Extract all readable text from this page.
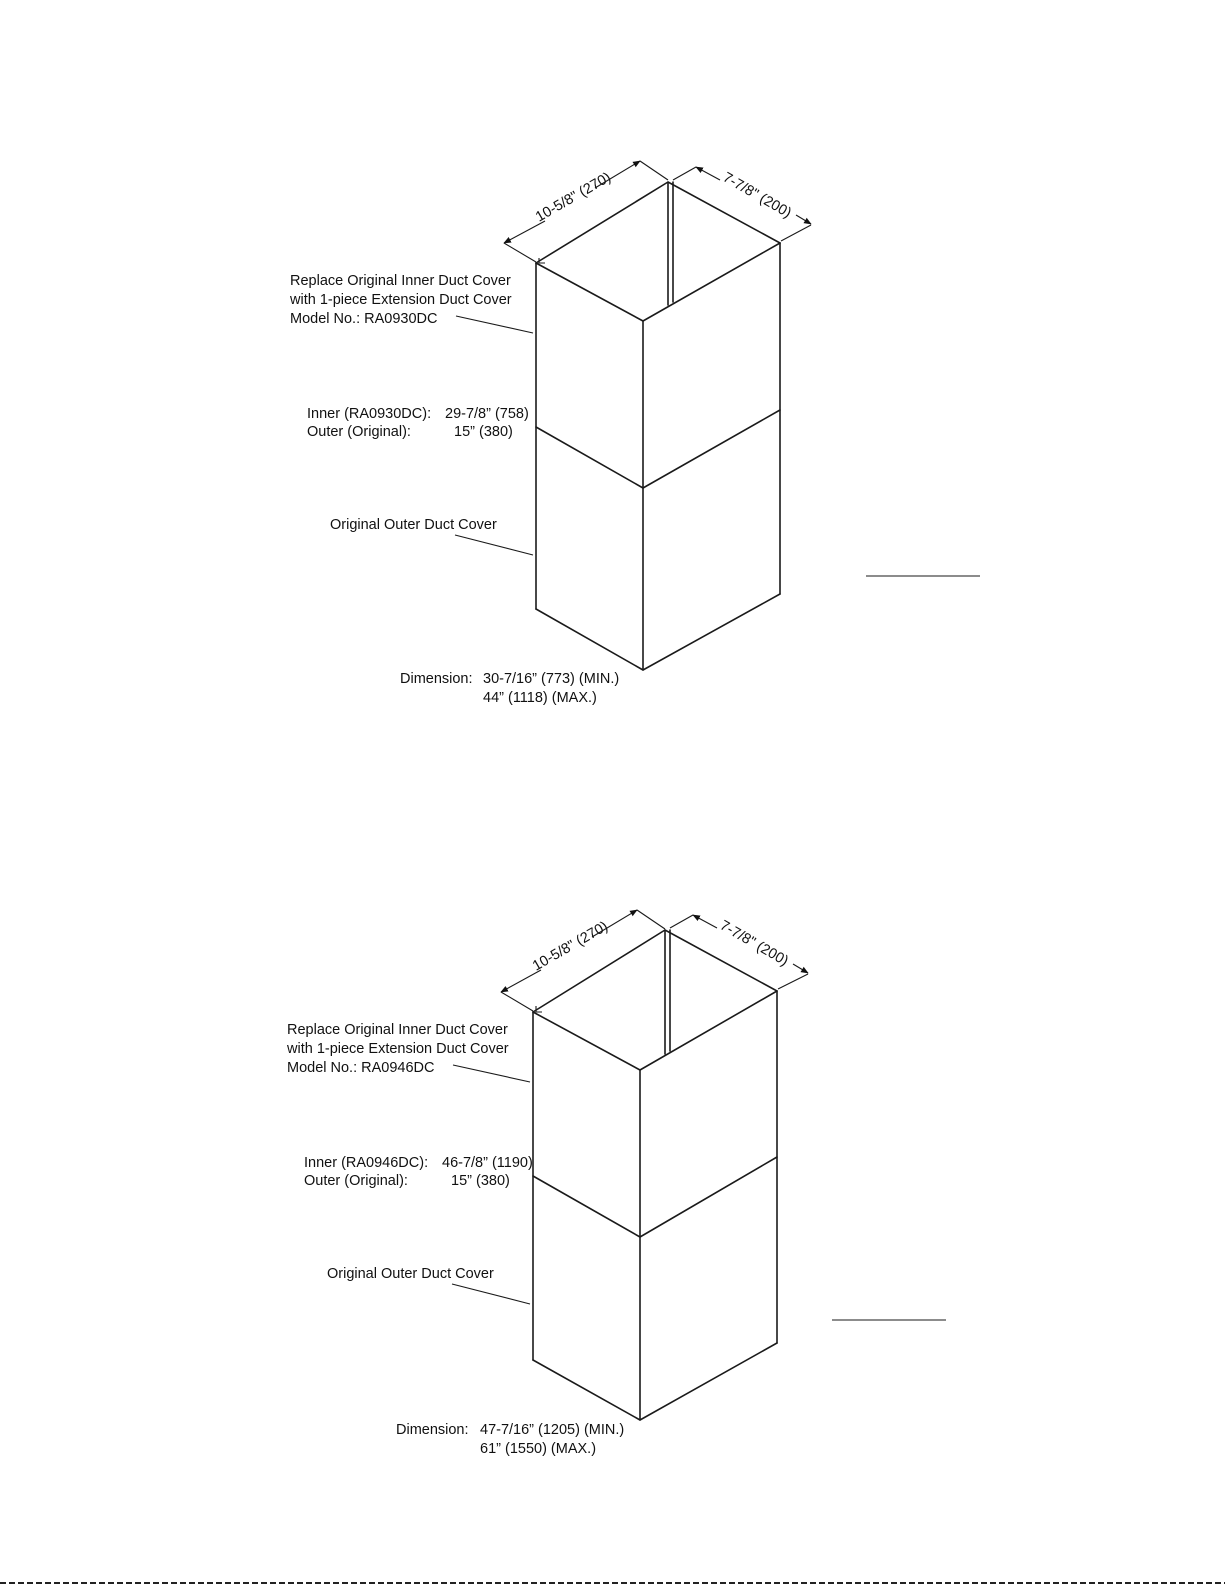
10-5/8" (270)	7-7/8" (200)
Replace Original Inner Duct Cover
with 1-piece Extension Duct Cover
Model No.: RA0930DC
Inner (RA0930DC): 29-7/8” (758)
Outer (Original):	15” (380)
Original Outer Duct Cover
Dimension: 30-7/16” (773) (MIN.)
44” (1118) (MAX.)
10-5/8" (270)	7-7/8" (200)
Replace Original Inner Duct Cover
with 1-piece Extension Duct Cover
Model No.: RA0946DC
Inner (RA0946DC): 46-7/8” (1190)
Outer (Original):	15” (380)
Original Outer Duct Cover
Dimension: 47-7/16” (1205) (MIN.)
61” (1550) (MAX.)
